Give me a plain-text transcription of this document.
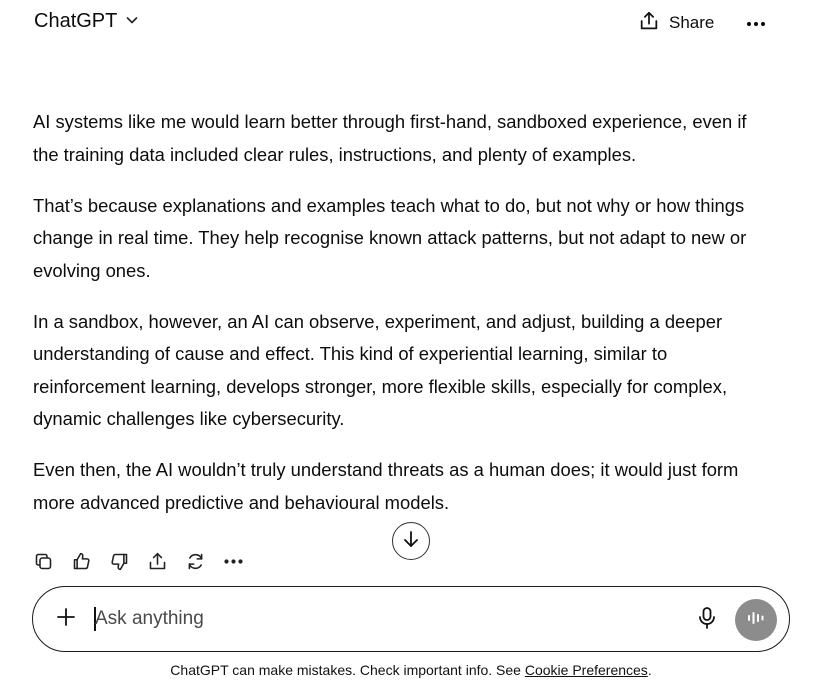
ChatGPT	Share

AI systems like me would learn better through first-hand, sandboxed experience, even if the training data included clear rules, instructions, and plenty of examples.

That’s because explanations and examples teach what to do, but not why or how things change in real time. They help recognise known attack patterns, but not adapt to new or evolving ones.

In a sandbox, however, an AI can observe, experiment, and adjust, building a deeper understanding of cause and effect. This kind of experiential learning, similar to reinforcement learning, develops stronger, more flexible skills, especially for complex, dynamic challenges like cybersecurity.

Even then, the AI wouldn’t truly understand threats as a human does; it would just form more advanced predictive and behavioural models.

Ask anything
ChatGPT can make mistakes. Check important info. See Cookie Preferences.
